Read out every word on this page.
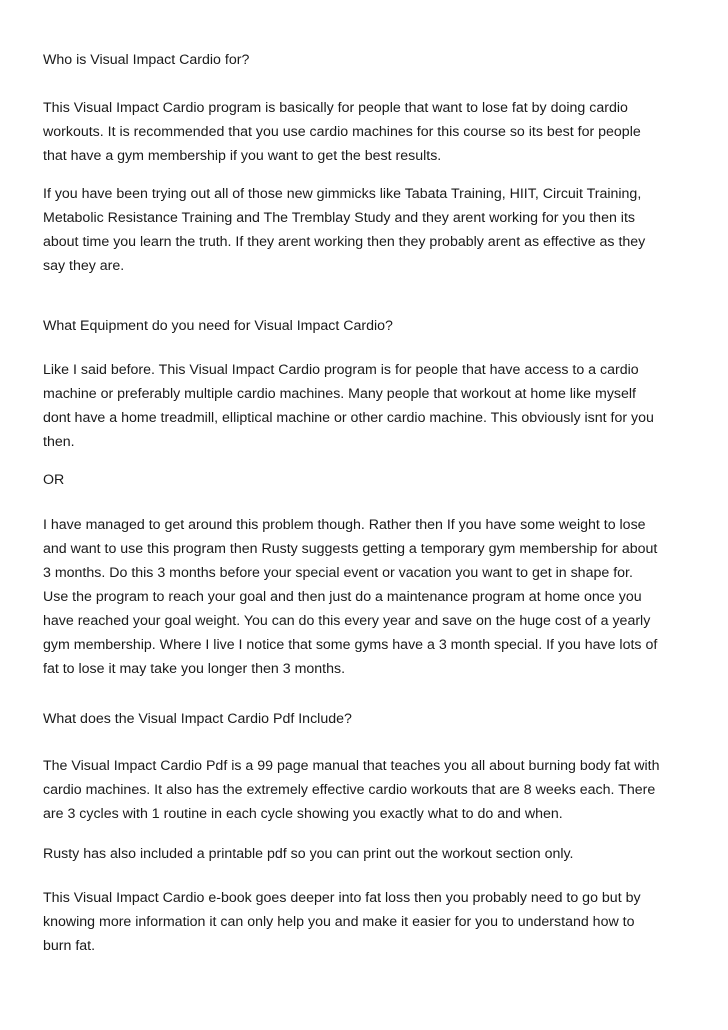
Who is Visual Impact Cardio for?

This Visual Impact Cardio program is basically for people that want to lose fat by doing cardio

workouts. It is recommended that you use cardio machines for this course so its best for people

that have a gym membership if you want to get the best results.

If you have been trying out all of those new gimmicks like Tabata Training, HIIT, Circuit Training,

Metabolic Resistance Training and The Tremblay Study and they arent working for you then its

about time you learn the truth. If they arent working then they probably arent as effective as they

say they are.

What Equipment do you need for Visual Impact Cardio?

Like I said before. This Visual Impact Cardio program is for people that have access to a cardio

machine or preferably multiple cardio machines. Many people that workout at home like myself

dont have a home treadmill, elliptical machine or other cardio machine. This obviously isnt for you

then.

OR

I have managed to get around this problem though. Rather then If you have some weight to lose

and want to use this program then Rusty suggests getting a temporary gym membership for about

3 months. Do this 3 months before your special event or vacation you want to get in shape for.

Use the program to reach your goal and then just do a maintenance program at home once you

have reached your goal weight. You can do this every year and save on the huge cost of a yearly

gym membership. Where I live I notice that some gyms have a 3 month special. If you have lots of

fat to lose it may take you longer then 3 months.

What does the Visual Impact Cardio Pdf Include?

The Visual Impact Cardio Pdf is a 99 page manual that teaches you all about burning body fat with

cardio machines. It also has the extremely effective cardio workouts that are 8 weeks each. There

are 3 cycles with 1 routine in each cycle showing you exactly what to do and when.

Rusty has also included a printable pdf so you can print out the workout section only.

This Visual Impact Cardio e-book goes deeper into fat loss then you probably need to go but by

knowing more information it can only help you and make it easier for you to understand how to

burn fat.
